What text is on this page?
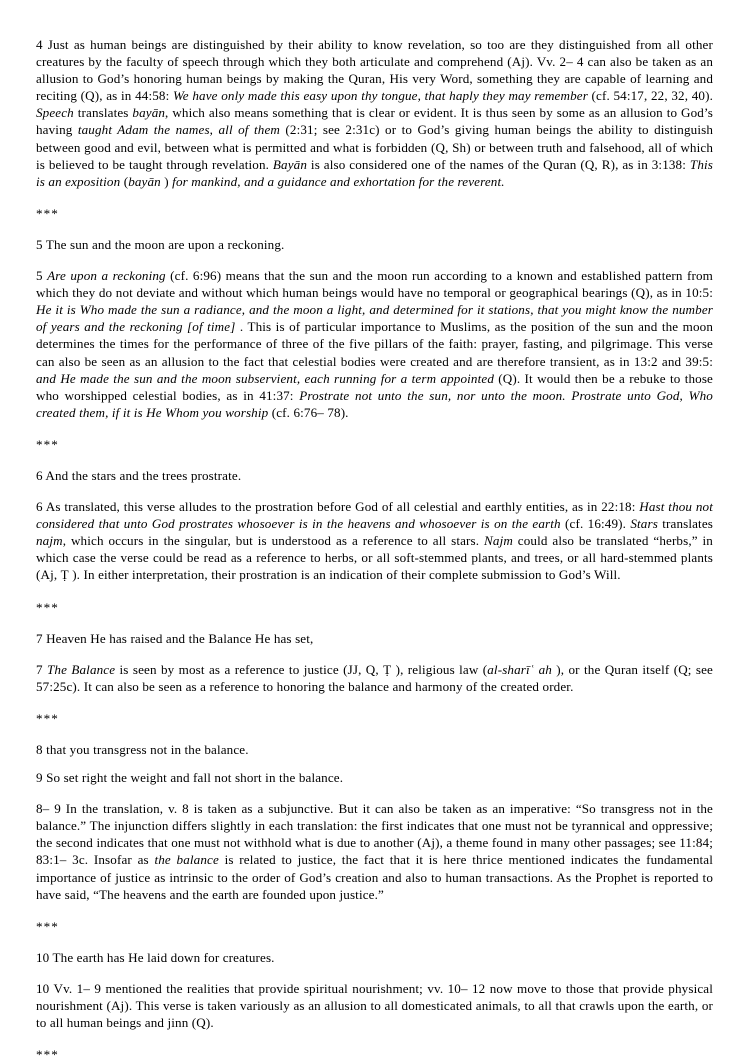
4 Just as human beings are distinguished by their ability to know revelation, so too are they distinguished from all other creatures by the faculty of speech through which they both articulate and comprehend (Aj). Vv. 2– 4 can also be taken as an allusion to God’s honoring human beings by making the Quran, His very Word, something they are capable of learning and reciting (Q), as in 44:58: We have only made this easy upon thy tongue, that haply they may remember (cf. 54:17, 22, 32, 40). Speech translates bayān, which also means something that is clear or evident. It is thus seen by some as an allusion to God’s having taught Adam the names, all of them (2:31; see 2:31c) or to God’s giving human beings the ability to distinguish between good and evil, between what is permitted and what is forbidden (Q, Sh) or between truth and falsehood, all of which is believed to be taught through revelation. Bayān is also considered one of the names of the Quran (Q, R), as in 3:138: This is an exposition (bayān ) for mankind, and a guidance and exhortation for the reverent.

***

5 The sun and the moon are upon a reckoning.

5 Are upon a reckoning (cf. 6:96) means that the sun and the moon run according to a known and established pattern from which they do not deviate and without which human beings would have no temporal or geographical bearings (Q), as in 10:5: He it is Who made the sun a radiance, and the moon a light, and determined for it stations, that you might know the number of years and the reckoning [of time] . This is of particular importance to Muslims, as the position of the sun and the moon determines the times for the performance of three of the five pillars of the faith: prayer, fasting, and pilgrimage. This verse can also be seen as an allusion to the fact that celestial bodies were created and are therefore transient, as in 13:2 and 39:5: and He made the sun and the moon subservient, each running for a term appointed (Q). It would then be a rebuke to those who worshipped celestial bodies, as in 41:37: Prostrate not unto the sun, nor unto the moon. Prostrate unto God, Who created them, if it is He Whom you worship (cf. 6:76– 78).

***

6 And the stars and the trees prostrate.

6 As translated, this verse alludes to the prostration before God of all celestial and earthly entities, as in 22:18: Hast thou not considered that unto God prostrates whosoever is in the heavens and whosoever is on the earth (cf. 16:49). Stars translates najm, which occurs in the singular, but is understood as a reference to all stars. Najm could also be translated “herbs,” in which case the verse could be read as a reference to herbs, or all soft-stemmed plants, and trees, or all hard-stemmed plants (Aj, Ṭ ). In either interpretation, their prostration is an indication of their complete submission to God’s Will.

***

7 Heaven He has raised and the Balance He has set,

7 The Balance is seen by most as a reference to justice (JJ, Q, Ṭ ), religious law (al-sharīʿ ah ), or the Quran itself (Q; see 57:25c). It can also be seen as a reference to honoring the balance and harmony of the created order.

***

8 that you transgress not in the balance.

9 So set right the weight and fall not short in the balance.

8– 9 In the translation, v. 8 is taken as a subjunctive. But it can also be taken as an imperative: “So transgress not in the balance.” The injunction differs slightly in each translation: the first indicates that one must not be tyrannical and oppressive; the second indicates that one must not withhold what is due to another (Aj), a theme found in many other passages; see 11:84; 83:1– 3c. Insofar as the balance is related to justice, the fact that it is here thrice mentioned indicates the fundamental importance of justice as intrinsic to the order of God’s creation and also to human transactions. As the Prophet is reported to have said, “The heavens and the earth are founded upon justice.”

***

10 The earth has He laid down for creatures.

10 Vv. 1– 9 mentioned the realities that provide spiritual nourishment; vv. 10– 12 now move to those that provide physical nourishment (Aj). This verse is taken variously as an allusion to all domesticated animals, to all that crawls upon the earth, or to all human beings and jinn (Q).

***
